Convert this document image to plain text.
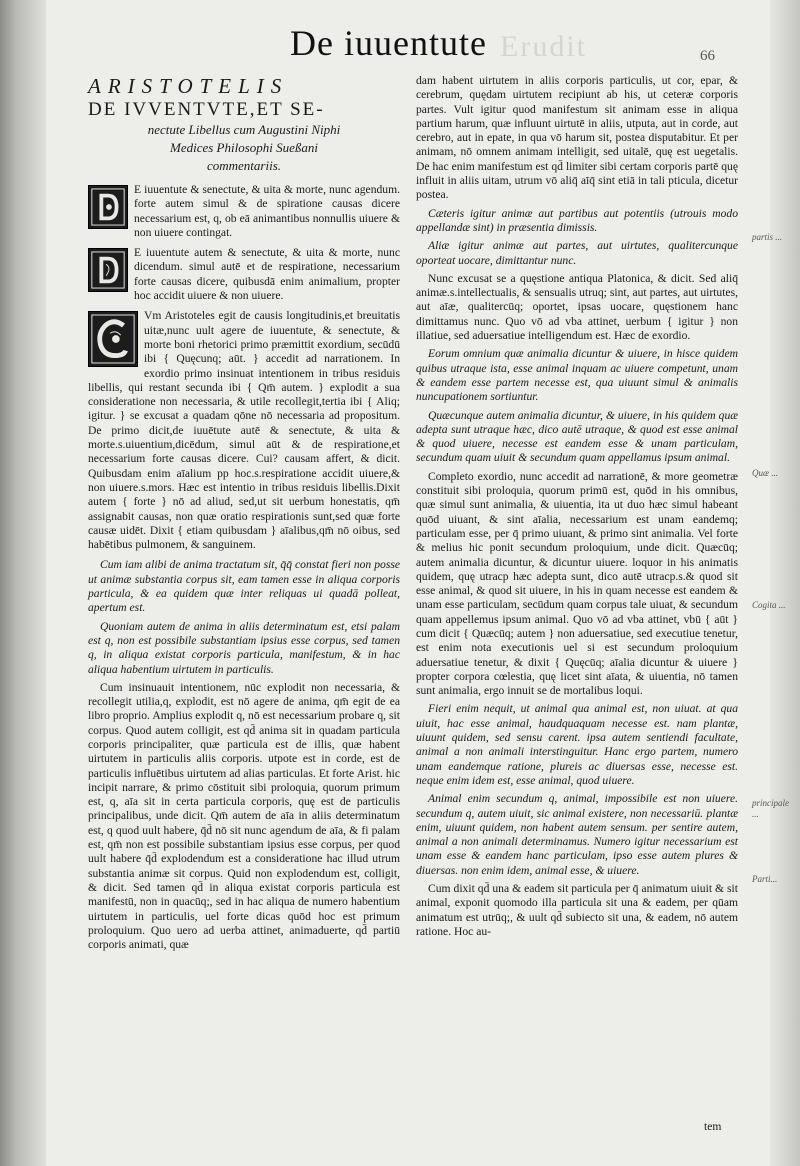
Erudit
De iuuentute	66
ARISTOTELIS
DE IVVENTVTE,ET SE-
nectute Libellus cum Augustini Niphi
Medices Philosophi Sueßani
commentariis.
E iuuentute & senectute, & uita & morte, nunc agendum. forte autem simul & de spiratione causas dicere necessarium est, q, ob eā animantibus nonnullis uiuere & non uiuere contingat.
E iuuentute autem & senectute, & uita & morte, nunc dicendum. simul autē et de respiratione, necessarium forte causas dicere, quibusdā enim animalium, propter hoc accidit uiuere & non uiuere.
Vm Aristoteles egit de causis longitudinis,et breuitatis uitæ,nunc uult agere de iuuentute, & senectute, & morte boni rhetorici primo præmittit exordium, secūdū ibi { Quęcunq; aūt. } accedit ad narrationem. In exordio primo insinuat intentionem in tribus residuis libellis, qui restant secunda ibi { Qm̄ autem. } explodit a sua consideratione non necessaria, & utile recollegit,tertia ibi { Aliq; igitur. } se excusat a quadam qōne nō necessaria ad propositum. De primo dicit,de iuuētute autē & senectute, & uita & morte.s.uiuentium,dicēdum, simul aūt & de respiratione,et necessarium forte causas dicere. Cui? causam affert, & dicit. Quibusdam enim aīalium pp hoc.s.respiratione accidit uiuere,& non uiuere.s.mors. Hæc est intentio in tribus residuis libellis.Dixit autem { forte } nō ad aliud, sed,ut sit uerbum honestatis, qm̄ assignabit causas, non quæ oratio respirationis sunt,sed quæ forte causæ uidēt. Dixit { etiam quibusdam } aīalibus,qm̄ nō oibus, sed habētibus pulmonem, & sanguinem.

Cum iam alibi de anima tractatum sit, q̄q̄ constat fieri non posse ut animæ substantia corpus sit, eam tamen esse in aliqua corporis particula, & ea quidem quæ inter reliquas ui quadā polleat, apertum est.

Quoniam autem de anima in aliis determinatum est, etsi palam est q, non est possibile substantiam ipsius esse corpus, sed tamen q, in aliqua existat corporis particula, manifestum, & in hac aliqua habentium uirtutem in particulis.

Cum insinuauit intentionem, nūc explodit non necessaria, & recollegit utilia,q, explodit, est nō agere de anima, qm̄ egit de ea libro proprio. Amplius explodit q, nō est necessarium probare q, sit corpus. Quod autem colligit, est qd̄ anima sit in quadam particula corporis principaliter, quæ particula est de illis, quæ habent uirtutem in particulis aliis corporis. utpote est in corde, est de particulis influētibus uirtutem ad alias particulas. Et forte Arist. hic incipit narrare, & primo cōstituit sibi proloquia, quorum primum est, q, aīa sit in certa particula corporis, quę est de particulis principalibus, unde dicit. Qm̄ autem de aīa in aliis determinatum est, q quod uult habere, q̄d̄ nō sit nunc agendum de aīa, & fi palam est, qm̄ non est possibile substantiam ipsius esse corpus, per quod uult habere q̄d̄ explodendum est a consideratione hac illud utrum substantia animæ sit corpus. Quid non explodendum est, colligit, & dicit. Sed tamen qd̄ in aliqua existat corporis particula est manifestū, non in quacūq;, sed in hac aliqua de numero habentium uirtutem in particulis, uel forte dicas quōd hoc est primum proloquium. Quo uero ad uerba attinet, animaduerte, qd̄ partiū corporis animati, quæ

dam habent uirtutem in aliis corporis particulis, ut cor, epar, & cerebrum, quędam uirtutem recipiunt ab his, ut ceteræ corporis partes. Vult igitur quod manifestum sit animam esse in aliqua partium harum, quæ influunt uirtutē in aliis, utputa, aut in corde, aut cerebro, aut in epate, in qua vō harum sit, postea disputabitur. Et per animam, nō omnem animam intelligit, sed uitalē, quę est uegetalis. De hac enim manifestum est qd̄ limiter sibi certam corporis partē quę influit in aliis uitam, utrum vō aliq̄ aīq̄ sint etiā in tali pticula, dicetur postea.

Cæteris igitur animæ aut partibus aut potentiis (utrouis modo appellandæ sint) in præsentia dimissis.

Aliæ igitur animæ aut partes, aut uirtutes, qualitercunque oporteat uocare, dimittantur nunc.

Nunc excusat se a quęstione antiqua Platonica, & dicit. Sed aliq̄ animæ.s.intellectualis, & sensualis utruq; sint, aut partes, aut uirtutes, aut aīæ, qualitercūq; oportet, ipsas uocare, quęstionem hanc dimittamus nunc. Quo vō ad vba attinet, uerbum { igitur } non illatiue, sed aduersatiue intelligendum est. Hæc de exordio.

Eorum omnium quæ animalia dicuntur & uiuere, in hisce quidem quibus utraque ista, esse animal inquam ac uiuere competunt, unam & eandem esse partem necesse est, qua uiuunt simul & animalis nuncupationem sortiuntur.

Quæcunque autem animalia dicuntur, & uiuere, in his quidem quæ adepta sunt utraque hæc, dico autē utraque, & quod est esse animal & quod uiuere, necesse est eandem esse & unam particulam, secundum quam uiuit & secundum quam appellamus ipsum animal.

Completo exordio, nunc accedit ad narrationē, & more geometræ constituit sibi proloquia, quorum primū est, quōd in his omnibus, quæ simul sunt animalia, & uiuentia, ita ut duo hæc simul habeant quōd uiuant, & sint aīalia, necessarium est unam eandemq; particulam esse, per q̄ primo uiuant, & primo sint animalia. Vel forte & melius hic ponit secundum proloquium, unde dicit. Quæcūq; autem animalia dicuntur, & dicuntur uiuere. loquor in his animatis quidem, quę utracp hæc adepta sunt, dico autē utracp.s.& quod sit esse animal, & quod sit uiuere, in his in quam necesse est eandem & unam esse particulam, secūdum quam corpus tale uiuat, & secundum quam appellemus ipsum animal. Quo vō ad vba attinet, vbū { aūt } cum dicit { Quæcūq; autem } non aduersatiue, sed executiue tenetur, est enim nota executionis uel si est secundum proloquium aduersatiue tenetur, & dixit { Quęcūq; aīalia dicuntur & uiuere } propter corpora cœlestia, quę licet sint aīata, & uiuentia, nō tamen sunt animalia, ergo innuit se de mortalibus loqui.

Fieri enim nequit, ut animal qua animal est, non uiuat. at qua uiuit, hac esse animal, haudquaquam necesse est. nam plantæ, uiuunt quidem, sed sensu carent. ipsa autem sentiendi facultate, animal a non animali interstinguitur. Hanc ergo partem, numero unam eandemque ratione, plureis ac diuersas esse, necesse est. neque enim idem est, esse animal, quod uiuere.

Animal enim secundum q, animal, impossibile est non uiuere. secundum q, autem uiuit, sic animal existere, non necessariū. plantæ enim, uiuunt quidem, non habent autem sensum. per sentire autem, animal a non animali determinamus. Numero igitur necessarium est unam esse & eandem hanc particulam, ipso esse autem plures & diuersas. non enim idem, animal esse, & uiuere.

Cum dixit qd̄ una & eadem sit particula per q̄ animatum uiuit & sit animal, exponit quomodo illa particula sit una & eadem, per qūam animatum est utrūq;, & uult qd̄ subiecto sit una, & eadem, nō autem ratione. Hoc au-

tem
partis ...
Quæ ...
Cogita ...
principale ...
Parti...
